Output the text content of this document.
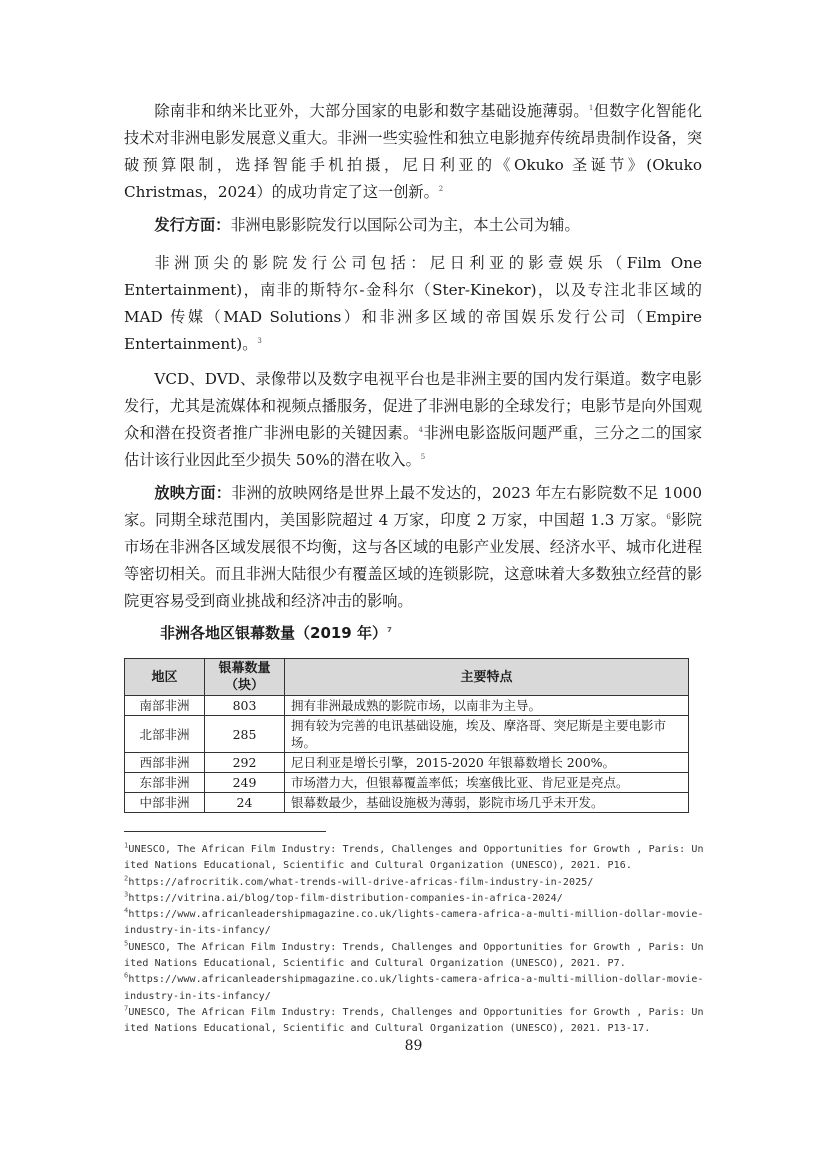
除南非和纳米比亚外，大部分国家的电影和数字基础设施薄弱。$^1$但数字化智能化技术对非洲电影发展意义重大。非洲一些实验性和独立电影抛弃传统昂贵制作设备，突破预算限制，选择智能手机拍摄，尼日利亚的《Okuko 圣诞节》(Okuko Christmas，2024）的成功肯定了这一创新。$^2$

发行方面：非洲电影影院发行以国际公司为主，本土公司为辅。

非洲顶尖的影院发行公司包括：尼日利亚的影壹娱乐（Film One Entertainment)，南非的斯特尔-金科尔（Ster-Kinekor)，以及专注北非区域的MAD 传媒（MAD Solutions）和非洲多区域的帝国娱乐发行公司（Empire Entertainment)。$^3$

VCD、DVD、录像带以及数字电视平台也是非洲主要的国内发行渠道。数字电影发行，尤其是流媒体和视频点播服务，促进了非洲电影的全球发行；电影节是向外国观众和潜在投资者推广非洲电影的关键因素。$^4$非洲电影盗版问题严重，三分之二的国家估计该行业因此至少损失 50%的潜在收入。$^5$

放映方面：非洲的放映网络是世界上最不发达的，2023 年左右影院数不足 1000 家。同期全球范围内，美国影院超过 4 万家，印度 2 万家，中国超 1.3 万家。$^6$影院市场在非洲各区域发展很不均衡，这与各区域的电影产业发展、经济水平、城市化进程等密切相关。而且非洲大陆很少有覆盖区域的连锁影院，这意味着大多数独立经营的影院更容易受到商业挑战和经济冲击的影响。

非洲各地区银幕数量（2019 年）$^7$
地区	银幕数量（块）	主要特点
南部非洲	803	拥有非洲最成熟的影院市场，以南非为主导。
北部非洲	285	拥有较为完善的电讯基础设施，埃及、摩洛哥、突尼斯是主要电影市场。
西部非洲	292	尼日利亚是增长引擎，2015-2020 年银幕数增长 200%。
东部非洲	249	市场潜力大，但银幕覆盖率低；埃塞俄比亚、肯尼亚是亮点。
中部非洲	24	银幕数最少，基础设施极为薄弱，影院市场几乎未开发。

$^1$UNESCO, The African Film Industry: Trends, Challenges and Opportunities for Growth , Paris: United Nations Educational, Scientific and Cultural Organization (UNESCO), 2021. P16.

$^2$https://afrocritik.com/what-trends-will-drive-africas-film-industry-in-2025/

$^3$https://vitrina.ai/blog/top-film-distribution-companies-in-africa-2024/

$^4$https://www.africanleadershipmagazine.co.uk/lights-camera-africa-a-multi-million-dollar-movie-industry-in-its-infancy/

$^5$UNESCO, The African Film Industry: Trends, Challenges and Opportunities for Growth , Paris: United Nations Educational, Scientific and Cultural Organization (UNESCO), 2021. P7.

$^6$https://www.africanleadershipmagazine.co.uk/lights-camera-africa-a-multi-million-dollar-movie-industry-in-its-infancy/

$^7$UNESCO, The African Film Industry: Trends, Challenges and Opportunities for Growth , Paris: United Nations Educational, Scientific and Cultural Organization (UNESCO), 2021. P13-17.

89
